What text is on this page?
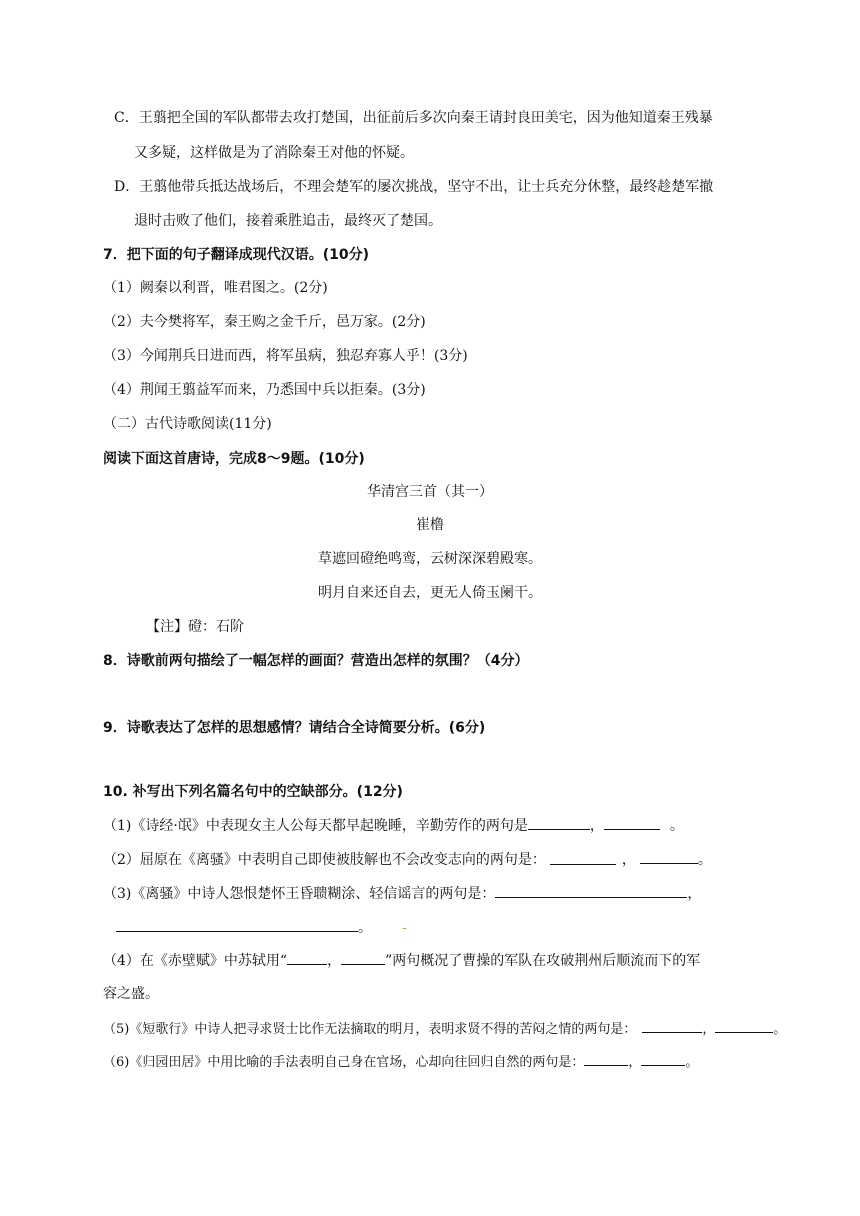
C．王翦把全国的军队都带去攻打楚国，出征前后多次向秦王请封良田美宅，因为他知道秦王残暴
又多疑，这样做是为了消除秦王对他的怀疑。
D．王翦他带兵抵达战场后，不理会楚军的屡次挑战，坚守不出，让士兵充分休整，最终趁楚军撤
退时击败了他们，接着乘胜追击，最终灭了楚国。
7．把下面的句子翻译成现代汉语。(10分)
（1）阙秦以利晋，唯君图之。(2分)
（2）夫今樊将军，秦王购之金千斤，邑万家。(2分)
（3）今闻荆兵日进而西，将军虽病，独忍弃寡人乎！(3分)
（4）荆闻王翦益军而来，乃悉国中兵以拒秦。(3分)
（二）古代诗歌阅读(11分)
阅读下面这首唐诗，完成8～9题。(10分)
华清宫三首（其一）
崔橹
草遮回磴绝鸣鸾，云树深深碧殿寒。
明月自来还自去，更无人倚玉阑干。
【注】磴：石阶
8．诗歌前两句描绘了一幅怎样的画面？营造出怎样的氛围？（4分）
9．诗歌表达了怎样的思想感情？请结合全诗简要分析。(6分)
10. 补写出下列名篇名句中的空缺部分。(12分)
（1)《诗经·氓》中表现女主人公每天都早起晚睡，辛勤劳作的两句是	，	。
（2）屈原在《离骚》中表明自己即使被肢解也不会改变志向的两句是：	，	。
（3)《离骚》中诗人怨恨楚怀王昏聩糊涂、轻信谣言的两句是：	，
。 -
（4）在《赤壁赋》中苏轼用“	，	”两句概况了曹操的军队在攻破荆州后顺流而下的军
容之盛。
（5)《短歌行》中诗人把寻求贤士比作无法摘取的明月，表明求贤不得的苦闷之情的两句是：	，	。
（6)《归园田居》中用比喻的手法表明自己身在官场，心却向往回归自然的两句是：	，	。
